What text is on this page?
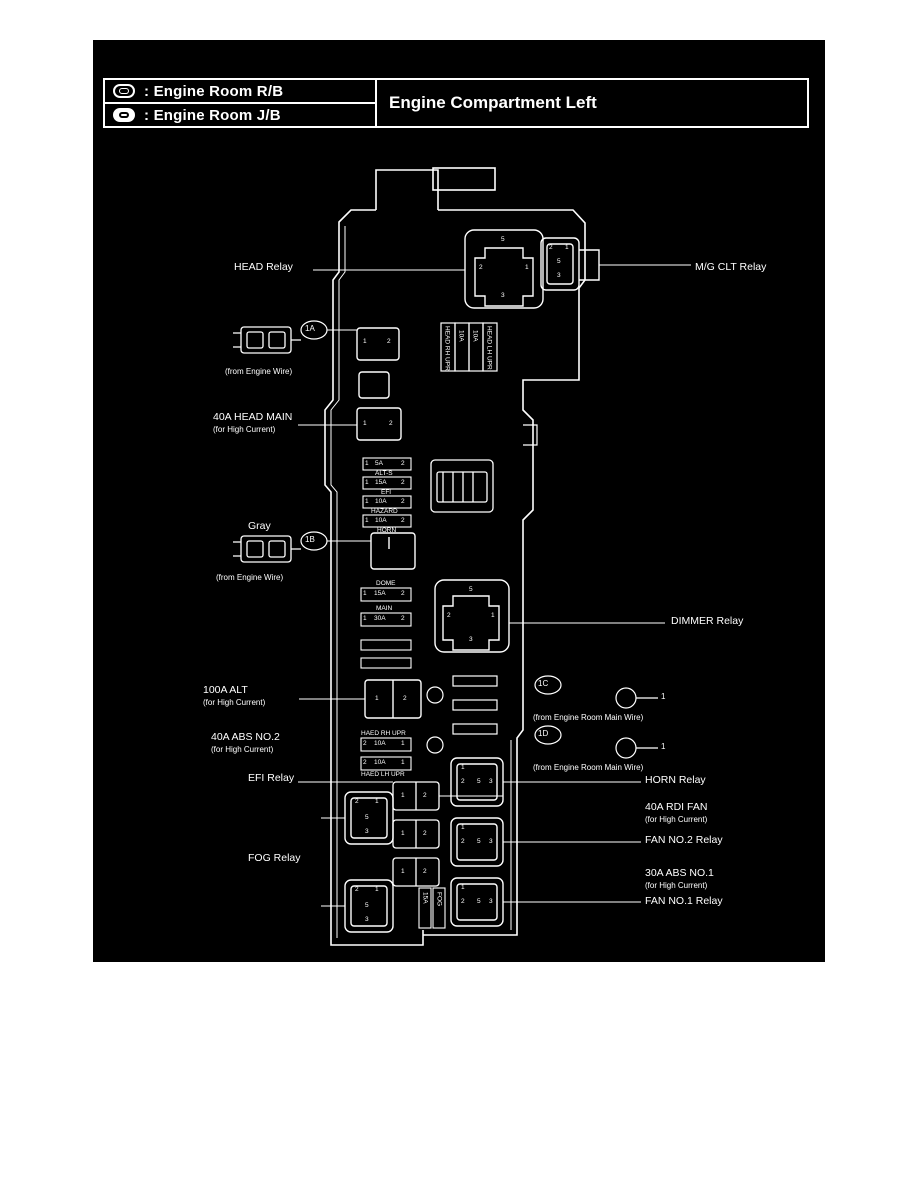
: Engine Room R/B
: Engine Room J/B
Engine Compartment Left
HEAD Relay	M/G CLT Relay
(from Engine Wire)
1A
1B
1C
1D
1
1
40A HEAD MAIN
(for High Current)
Gray
(from Engine Wire)
DIMMER Relay
100A ALT
(for High Current)
(from Engine Room Main Wire)
(from Engine Room Main Wire)
40A ABS NO.2
(for High Current)
EFI Relay
FOG Relay
HORN Relay
40A RDI FAN
(for High Current)
FAN NO.2 Relay
30A ABS NO.1
(for High Current)
FAN NO.1 Relay
HEAD RH UPR 10A 10A HEAD LH UPR
1 5A	2
ALT-S
1 15A 2
EFI
1 10A 2
HAZARD
1 10A 2
HORN
DOME
1 15A 2
MAIN
1 30A 2
HAED RH UPR
2 10A 1
2 10A 1
HAED LH UPR
15A FOG
5
2	1
3
2 1
5
3
5
2	1
3
1
2 5 3
1
2 5 3
1
2 5 3
2	1
5
3
2	1
5
3
1	2
1	2
1	2
1	2
1	2
1	2
